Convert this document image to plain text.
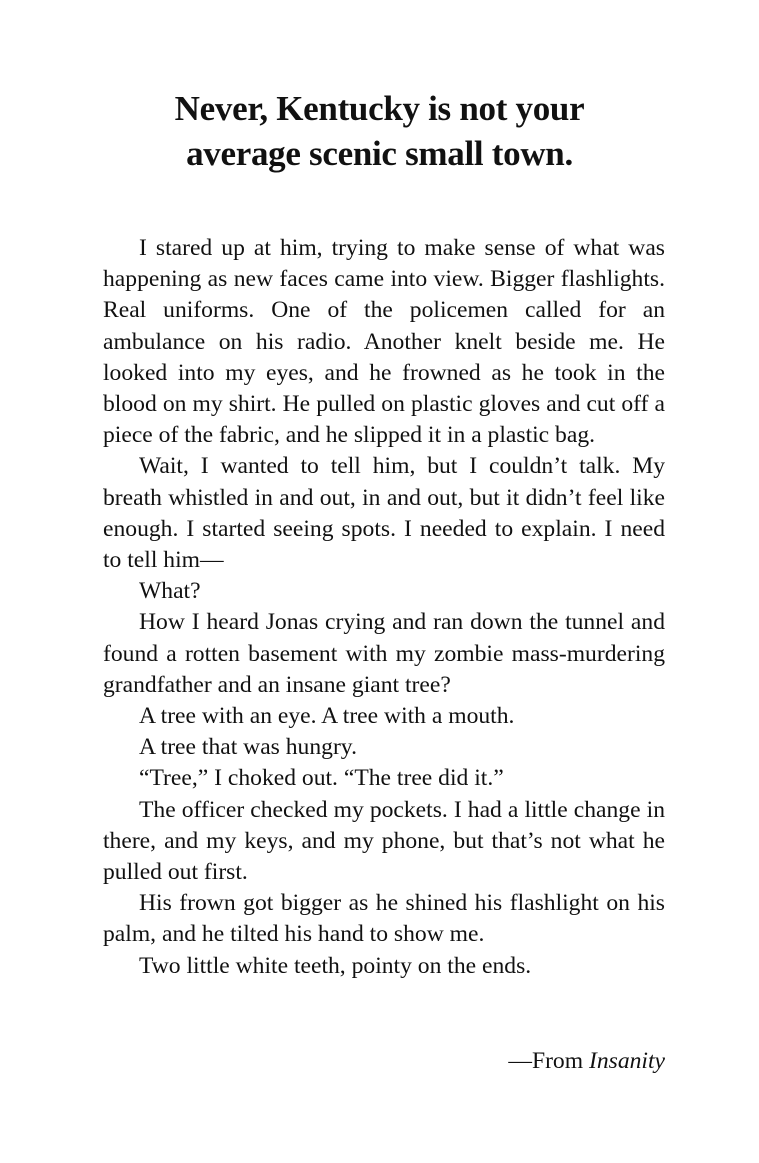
Never, Kentucky is not your
average scenic small town.

I stared up at him, trying to make sense of what was happening as new faces came into view. Bigger flashlights. Real uniforms. One of the policemen called for an ambulance on his radio. Another knelt beside me. He looked into my eyes, and he frowned as he took in the blood on my shirt. He pulled on plastic gloves and cut off a piece of the fabric, and he slipped it in a plastic bag.

Wait, I wanted to tell him, but I couldn’t talk. My breath whistled in and out, in and out, but it didn’t feel like enough. I started seeing spots. I needed to explain. I need to tell him—

What?

How I heard Jonas crying and ran down the tunnel and found a rotten basement with my zombie mass-murdering grandfather and an insane giant tree?

A tree with an eye. A tree with a mouth.

A tree that was hungry.

“Tree,” I choked out. “The tree did it.”

The officer checked my pockets. I had a little change in there, and my keys, and my phone, but that’s not what he pulled out first.

His frown got bigger as he shined his flashlight on his palm, and he tilted his hand to show me.

Two little white teeth, pointy on the ends.

—From Insanity
